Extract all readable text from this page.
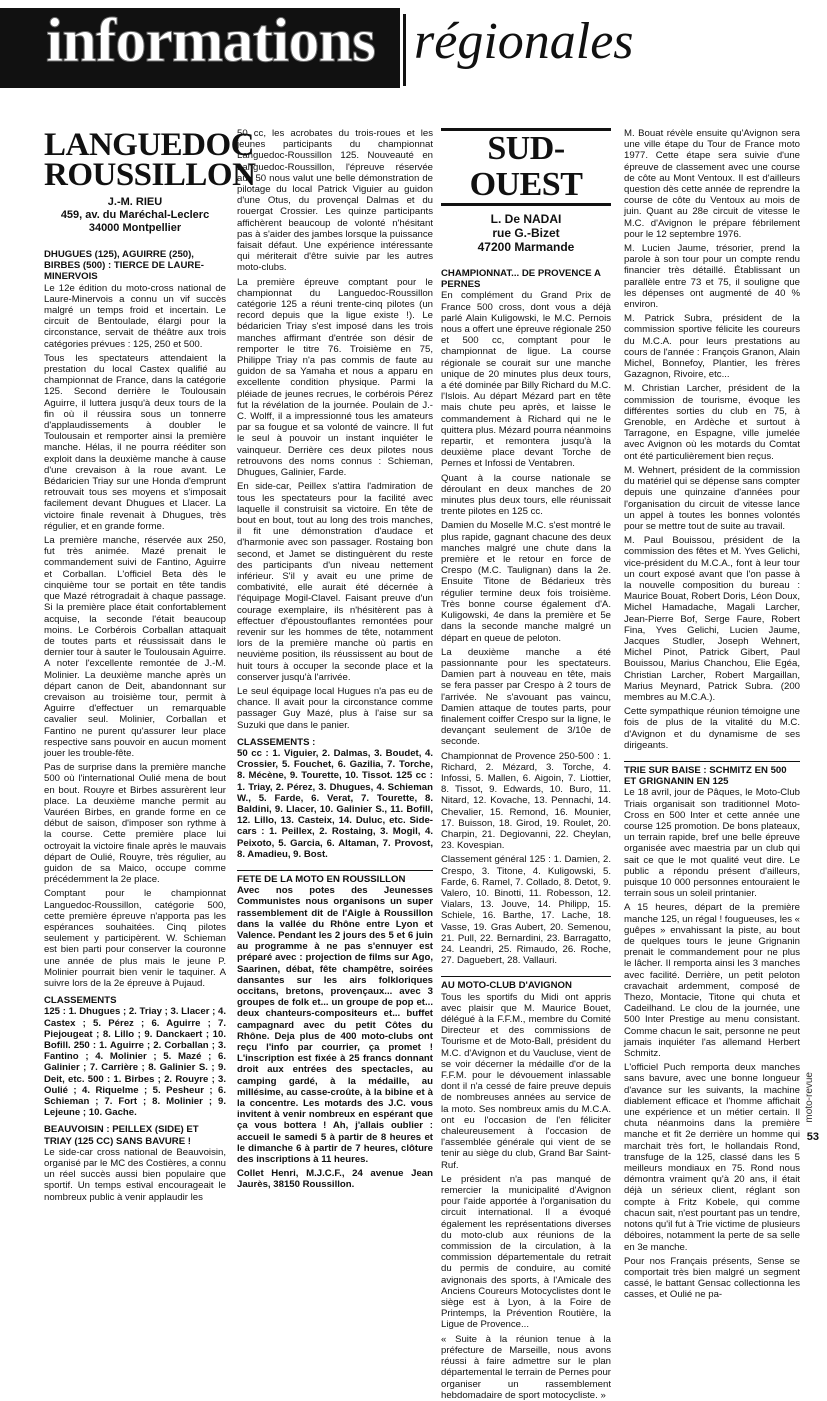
informations régionales
LANGUEDOC ROUSSILLON
J.-M. RIEU
459, av. du Maréchal-Leclerc
34000 Montpellier
DHUGUES (125), AGUIRRE (250), BIRBES (500) : TIERCE DE LAURE-MINERVOIS

Le 12e édition du moto-cross national de Laure-Minervois a connu un vif succès malgré un temps froid et incertain. Le circuit de Bentoulade, élargi pour la circonstance, servait de théâtre aux trois catégories prévues : 125, 250 et 500.

Tous les spectateurs attendaient la prestation du local Castex qualifié au championnat de France, dans la catégorie 125. Second derrière le Toulousain Aguirre, il luttera jusqu'à deux tours de la fin où il réussira sous un tonnerre d'applaudissements à doubler le Toulousain et remporter ainsi la première manche. Hélas, il ne pourra rééditer son exploit dans la deuxième manche à cause d'une crevaison à la roue avant. Le Bédaricien Triay sur une Honda d'emprunt retrouvait tous ses moyens et s'imposait facilement devant Dhugues et Llacer. La victoire finale revenait à Dhugues, très régulier, et en grande forme.

La première manche, réservée aux 250, fut très animée. Mazé prenait le commandement suivi de Fantino, Aguirre et Corballan. L'officiel Beta dès le cinquième tour se portait en tête tandis que Mazé rétrogradait à chaque passage. Si la première place était confortablement acquise, la seconde l'était beaucoup moins. Le Corbérois Corballan attaquait de toutes parts et réussissait dans le dernier tour à sauter le Toulousain Aguirre. A noter l'excellente remontée de J.-M. Molinier. La deuxième manche après un départ canon de Deit, abandonnant sur crevaison au troisième tour, permit à Aguirre d'effectuer un remarquable cavalier seul. Molinier, Corballan et Fantino ne purent qu'assurer leur place respective sans pouvoir en aucun moment jouer les trouble-fête.

Pas de surprise dans la première manche 500 où l'international Oulié mena de bout en bout. Rouyre et Birbes assurèrent leur place. La deuxième manche permit au Vauréen Birbes, en grande forme en ce début de saison, d'imposer son rythme à la course. Cette première place lui octroyait la victoire finale après le mauvais départ de Oulié, Rouyre, très régulier, au guidon de sa Maico, occupe comme précédemment la 2e place.

Comptant pour le championnat Languedoc-Roussillon, catégorie 500, cette première épreuve n'apporta pas les espérances souhaitées. Cinq pilotes seulement y participèrent. W. Schieman est bien parti pour conserver la couronne une année de plus mais le jeune P. Molinier pourrait bien venir le taquiner. A suivre lors de la 2e épreuve à Pujaud.

CLASSEMENTS

125 : 1. Dhugues ; 2. Triay ; 3. Llacer ; 4. Castex ; 5. Pérez ; 6. Aguirre ; 7. Piejougeat ; 8. Lillo ; 9. Danckaert ; 10. Bofill. 250 : 1. Aguirre ; 2. Corballan ; 3. Fantino ; 4. Molinier ; 5. Mazé ; 6. Galinier ; 7. Carrière ; 8. Galinier S. ; 9. Deit, etc. 500 : 1. Birbes ; 2. Rouyre ; 3. Oulié ; 4. Riquelme ; 5. Pesheur ; 6. Schieman ; 7. Fort ; 8. Molinier ; 9. Lejeune ; 10. Gache.

BEAUVOISIN : PEILLEX (SIDE) ET TRIAY (125 CC) SANS BAVURE !

Le side-car cross national de Beauvoisin, organisé par le MC des Costières, a connu un réel succès aussi bien populaire que sportif. Un temps estival encourageait le nombreux public à venir applaudir les

50 cc, les acrobates du trois-roues et les jeunes participants du championnat Languedoc-Roussillon 125. Nouveauté en Languedoc-Roussillon, l'épreuve réservée aux 50 nous valut une belle démonstration de pilotage du local Patrick Viguier au guidon d'une Otus, du provençal Dalmas et du rouergat Crossier. Les quinze participants affichèrent beaucoup de volonté n'hésitant pas à s'aider des jambes lorsque la puissance faisait défaut. Une expérience intéressante qui mériterait d'être suivie par les autres moto-clubs.

La première épreuve comptant pour le championnat du Languedoc-Roussillon catégorie 125 a réuni trente-cinq pilotes (un record depuis que la ligue existe !). Le bédaricien Triay s'est imposé dans les trois manches affirmant d'entrée son désir de remporter le titre 76. Troisième en 75, Philippe Triay n'a pas commis de faute au guidon de sa Yamaha et nous a apparu en excellente condition physique. Parmi la pléiade de jeunes recrues, le corbérois Pérez fut la révélation de la journée. Poulain de J.-C. Wolff, il a impressionné tous les amateurs par sa fougue et sa volonté de vaincre. Il fut le seul à pouvoir un instant inquiéter le vainqueur. Derrière ces deux pilotes nous retrouvons des noms connus : Schieman, Dhugues, Galinier, Farde.

En side-car, Peillex s'attira l'admiration de tous les spectateurs pour la facilité avec laquelle il construisit sa victoire. En tête de bout en bout, tout au long des trois manches, il fit une démonstration d'audace et d'harmonie avec son passager. Rostaing bon second, et Jamet se distinguèrent du reste des participants d'un niveau nettement inférieur. S'il y avait eu une prime de combativité, elle aurait été décernée à l'équipage Mogil-Clavel. Faisant preuve d'un courage exemplaire, ils n'hésitèrent pas à effectuer d'époustouflantes remontées pour revenir sur les hommes de tête, notamment lors de la première manche où partis en neuvième position, ils réussissent au bout de huit tours à occuper la seconde place et la conserver jusqu'à l'arrivée.

Le seul équipage local Hugues n'a pas eu de chance. Il avait pour la circonstance comme passager Guy Mazé, plus à l'aise sur sa Suzuki que dans le panier.

CLASSEMENTS :

50 cc : 1. Viguier, 2. Dalmas, 3. Boudet, 4. Crossier, 5. Fouchet, 6. Gazilia, 7. Torche, 8. Mécène, 9. Tourette, 10. Tissot. 125 cc : 1. Triay, 2. Pérez, 3. Dhugues, 4. Schieman W., 5. Farde, 6. Verat, 7. Tourette, 8. Baldini, 9. Llacer, 10. Galinier S., 11. Bofill, 12. Lillo, 13. Casteix, 14. Duluc, etc. Side-cars : 1. Peillex, 2. Rostaing, 3. Mogil, 4. Peixoto, 5. Garcia, 6. Altaman, 7. Provost, 8. Amadieu, 9. Bost.

FETE DE LA MOTO EN ROUSSILLON

Avec nos potes des Jeunesses Communistes nous organisons un super rassemblement dit de l'Aigle à Roussillon dans la vallée du Rhône entre Lyon et Valence. Pendant les 2 jours des 5 et 6 juin au programme à ne pas s'ennuyer est préparé avec : projection de films sur Ago, Saarinen, débat, fête champêtre, soirées dansantes sur les airs folkloriques occitans, bretons, provençaux... avec 3 groupes de folk et... un groupe de pop et... deux chanteurs-compositeurs et... buffet campagnard avec du petit Côtes du Rhône. Deja plus de 400 moto-clubs ont reçu l'info par courrier, ça promet ! L'inscription est fixée à 25 francs donnant droit aux entrées des spectacles, au camping gardé, à la médaille, au millésime, au casse-croûte, à la bibine et à la concentre. Les motards des J.C. vous invitent à venir nombreux en espérant que ça vous bottera ! Ah, j'allais oublier : accueil le samedi 5 à partir de 8 heures et le dimanche 6 à partir de 7 heures, clôture des inscriptions à 11 heures.

Collet Henri, M.J.C.F., 24 avenue Jean Jaurès, 38150 Roussillon.

SUD-OUEST
L. De NADAI
rue G.-Bizet
47200 Marmande
CHAMPIONNAT... DE PROVENCE A PERNES

En complément du Grand Prix de France 500 cross, dont vous a déjà parlé Alain Kuligowski, le M.C. Pernois nous a offert une épreuve régionale 250 et 500 cc, comptant pour le championnat de ligue. La course régionale se courait sur une manche unique de 20 minutes plus deux tours, a été dominée par Billy Richard du M.C. l'Islois. Au départ Mézard part en tête mais chute peu après, et laisse le commandement à Richard qui ne le quittera plus. Mézard pourra néanmoins repartir, et remontera jusqu'à la deuxième place devant Torche de Pernes et Infossi de Ventabren.

Quant à la course nationale se déroulant en deux manches de 20 minutes plus deux tours, elle réunissait trente pilotes en 125 cc.

Damien du Moselle M.C. s'est montré le plus rapide, gagnant chacune des deux manches malgré une chute dans la première et le retour en force de Crespo (M.C. Taulignan) dans la 2e. Ensuite Titone de Bédarieux très régulier termine deux fois troisième. Très bonne course également d'A. Kuligowski, 4e dans la première et 5e dans la seconde manche malgré un départ en queue de peloton.

La deuxième manche a été passionnante pour les spectateurs. Damien part à nouveau en tête, mais se fera passer par Crespo à 2 tours de l'arrivée. Ne s'avouant pas vaincu, Damien attaque de toutes parts, pour finalement coiffer Crespo sur la ligne, le devançant seulement de 3/10e de seconde.

Championnat de Provence 250-500 : 1. Richard, 2. Mézard, 3. Torche, 4. Infossi, 5. Mallen, 6. Aigoin, 7. Liottier, 8. Tissot, 9. Edwards, 10. Buro, 11. Nitard, 12. Kovache, 13. Pennachi, 14. Chevalier, 15. Remond, 16. Mounier, 17. Buisson, 18. Girod, 19. Roulet, 20. Charpin, 21. Degiovanni, 22. Cheylan, 23. Kovespian.

Classement général 125 : 1. Damien, 2. Crespo, 3. Titone, 4. Kuligowski, 5. Farde, 6. Ramel, 7. Collado, 8. Detot, 9. Valero, 10. Binotti, 11. Robesson, 12. Vialars, 13. Jouve, 14. Philipp, 15. Schiele, 16. Barthe, 17. Lache, 18. Vasse, 19. Gras Aubert, 20. Semenou, 21. Pull, 22. Bernardini, 23. Barragatto, 24. Leandri, 25. Rimaudo, 26. Roche, 27. Daguebert, 28. Vallauri.

AU MOTO-CLUB D'AVIGNON

Tous les sportifs du Midi ont appris avec plaisir que M. Maurice Bouet, délégué à la F.F.M., membre du Comité Directeur et des commissions de Tourisme et de Moto-Ball, président du M.C. d'Avignon et du Vaucluse, vient de se voir décerner la médaille d'or de la F.F.M. pour le dévouement inlassable dont il n'a cessé de faire preuve depuis de nombreuses années au service de la moto. Ses nombreux amis du M.C.A. ont eu l'occasion de l'en féliciter chaleureusement à l'occasion de l'assemblée générale qui vient de se tenir au siège du club, Grand Bar Saint-Ruf.

Le président n'a pas manqué de remercier la municipalité d'Avignon pour l'aide apportée à l'organisation du circuit international. Il a évoqué également les représentations diverses du moto-club aux réunions de la commission de la circulation, à la commission départementale du retrait du permis de conduire, au comité avignonais des sports, à l'Amicale des Anciens Coureurs Motocyclistes dont le siège est à Lyon, à la Foire de Printemps, la Prévention Routière, la Ligue de Provence...

« Suite à la réunion tenue à la préfecture de Marseille, nous avons réussi à faire admettre sur le plan départemental le terrain de Pernes pour organiser un rassemblement hebdomadaire de sport motocycliste. »

M. Bouat révèle ensuite qu'Avignon sera une ville étape du Tour de France moto 1977. Cette étape sera suivie d'une épreuve de classement avec une course de côte au Mont Ventoux. Il est d'ailleurs question dès cette année de reprendre la course de côte du Ventoux au mois de juin. Quant au 28e circuit de vitesse le M.C. d'Avignon le prépare fébrilement pour le 12 septembre 1976.

M. Lucien Jaume, trésorier, prend la parole à son tour pour un compte rendu financier très détaillé. Établissant un parallèle entre 73 et 75, il souligne que les dépenses ont augmenté de 40 % environ.

M. Patrick Subra, président de la commission sportive félicite les coureurs du M.C.A. pour leurs prestations au cours de l'année : François Granon, Alain Michel, Bonnefoy, Plantier, les frères Gazagnon, Rivoire, etc...

M. Christian Larcher, président de la commission de tourisme, évoque les différentes sorties du club en 75, à Grenoble, en Ardèche et surtout à Tarragone, en Espagne, ville jumelée avec Avignon où les motards du Comtat ont été particulièrement bien reçus.

M. Wehnert, président de la commission du matériel qui se dépense sans compter depuis une quinzaine d'années pour l'organisation du circuit de vitesse lance un appel à toutes les bonnes volontés pour se mettre tout de suite au travail.

M. Paul Bouissou, président de la commission des fêtes et M. Yves Gelichi, vice-président du M.C.A., font à leur tour un court exposé avant que l'on passe à la nouvelle composition du bureau : Maurice Bouat, Robert Doris, Léon Doux, Michel Hamadache, Magali Larcher, Jean-Pierre Bof, Serge Faure, Robert Fina, Yves Gelichi, Lucien Jaume, Jacques Studler, Joseph Wehnert, Michel Pinot, Patrick Gibert, Paul Bouissou, Marius Chanchou, Elie Egéa, Christian Larcher, Robert Margaillan, Marius Meynard, Patrick Subra. (200 membres au M.C.A.).

Cette sympathique réunion témoigne une fois de plus de la vitalité du M.C. d'Avignon et du dynamisme de ses dirigeants.

TRIE SUR BAISE : SCHMITZ EN 500 ET GRIGNANIN EN 125

Le 18 avril, jour de Pâques, le Moto-Club Triais organisait son traditionnel Moto-Cross en 500 Inter et cette année une course 125 promotion. De bons plateaux, un terrain rapide, bref une belle épreuve organisée avec maestria par un club qui sait ce que le mot qualité veut dire. Le public a répondu présent d'ailleurs, puisque 10 000 personnes entouraient le terrain sous un soleil printanier.

A 15 heures, départ de la première manche 125, un régal ! fougueuses, les « guêpes » envahissant la piste, au bout de quelques tours le jeune Grignanin prenait le commandement pour ne plus le lâcher. Il remporta ainsi les 3 manches avec facilité. Derrière, un petit peloton cravachait ardemment, composé de Thezo, Montacie, Titone qui chuta et Cadeilhand. Le clou de la journée, une 500 Inter Prestige au menu consistant. Comme chacun le sait, personne ne peut jamais inquiéter l'as allemand Herbert Schmitz.

L'officiel Puch remporta deux manches sans bavure, avec une bonne longueur d'avance sur les suivants, la machine diablement efficace et l'homme affichait une expérience et un métier certain. Il chuta néanmoins dans la première manche et fit 2e derrière un homme qui marchait très fort, le hollandais Rond, transfuge de la 125, classé dans les 5 meilleurs mondiaux en 75. Rond nous démontra vraiment qu'à 20 ans, il était déjà un sérieux client, réglant son compte à Fritz Kobele, qui comme chacun sait, n'est pourtant pas un tendre, notons qu'il fut à Trie victime de plusieurs déboires, notamment la perte de sa selle en 3e manche.

Pour nos Français présents, Sense se comportait très bien malgré un segment cassé, le battant Gensac collectionna les casses, et Oulié ne pa-

moto-revue
53
